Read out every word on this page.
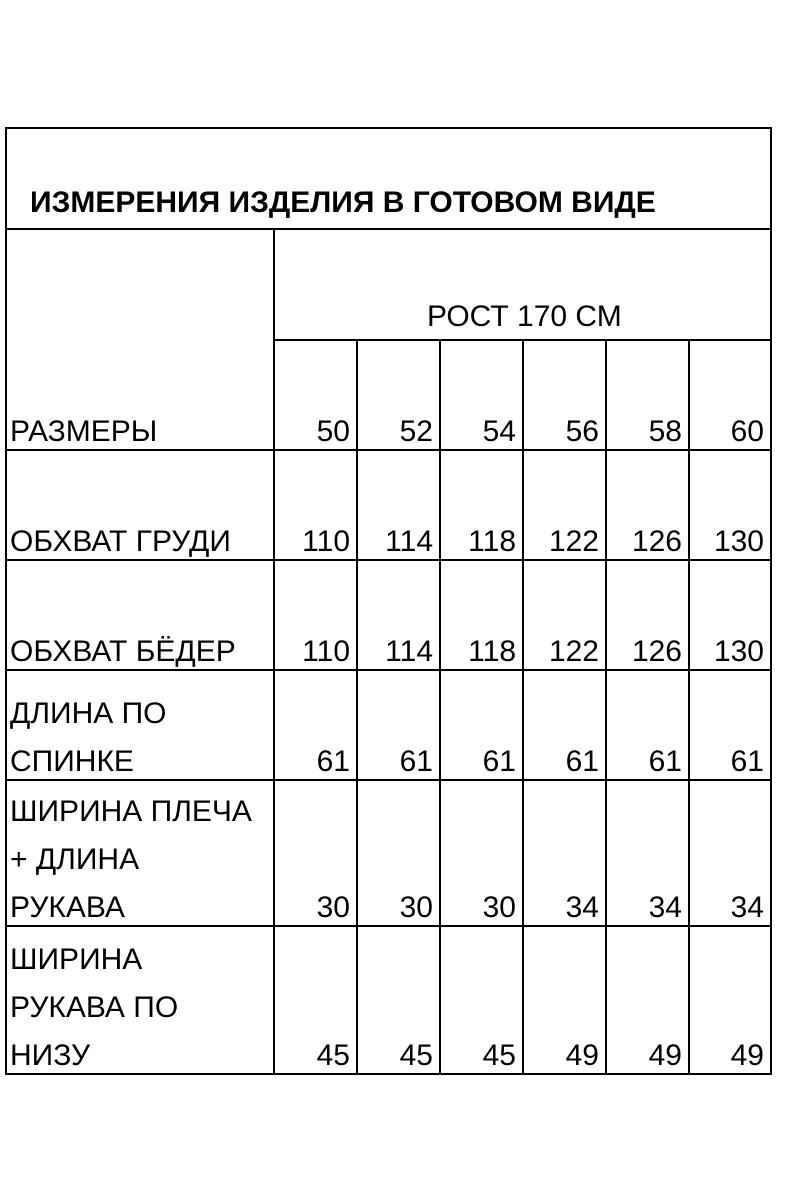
ИЗМЕРЕНИЯ ИЗДЕЛИЯ В ГОТОВОМ ВИДЕ
РОСТ 170 СМ
РАЗМЕРЫ	50	52	54	56	58	60
ОБХВАТ ГРУДИ	110	114	118	122	126	130
ОБХВАТ БЁДЕР	110	114	118	122	126	130
ДЛИНА ПО
СПИНКЕ	61	61	61	61	61	61
ШИРИНА ПЛЕЧА
+ ДЛИНА
РУКАВА	30	30	30	34	34	34
ШИРИНА
РУКАВА ПО
НИЗУ	45	45	45	49	49	49
